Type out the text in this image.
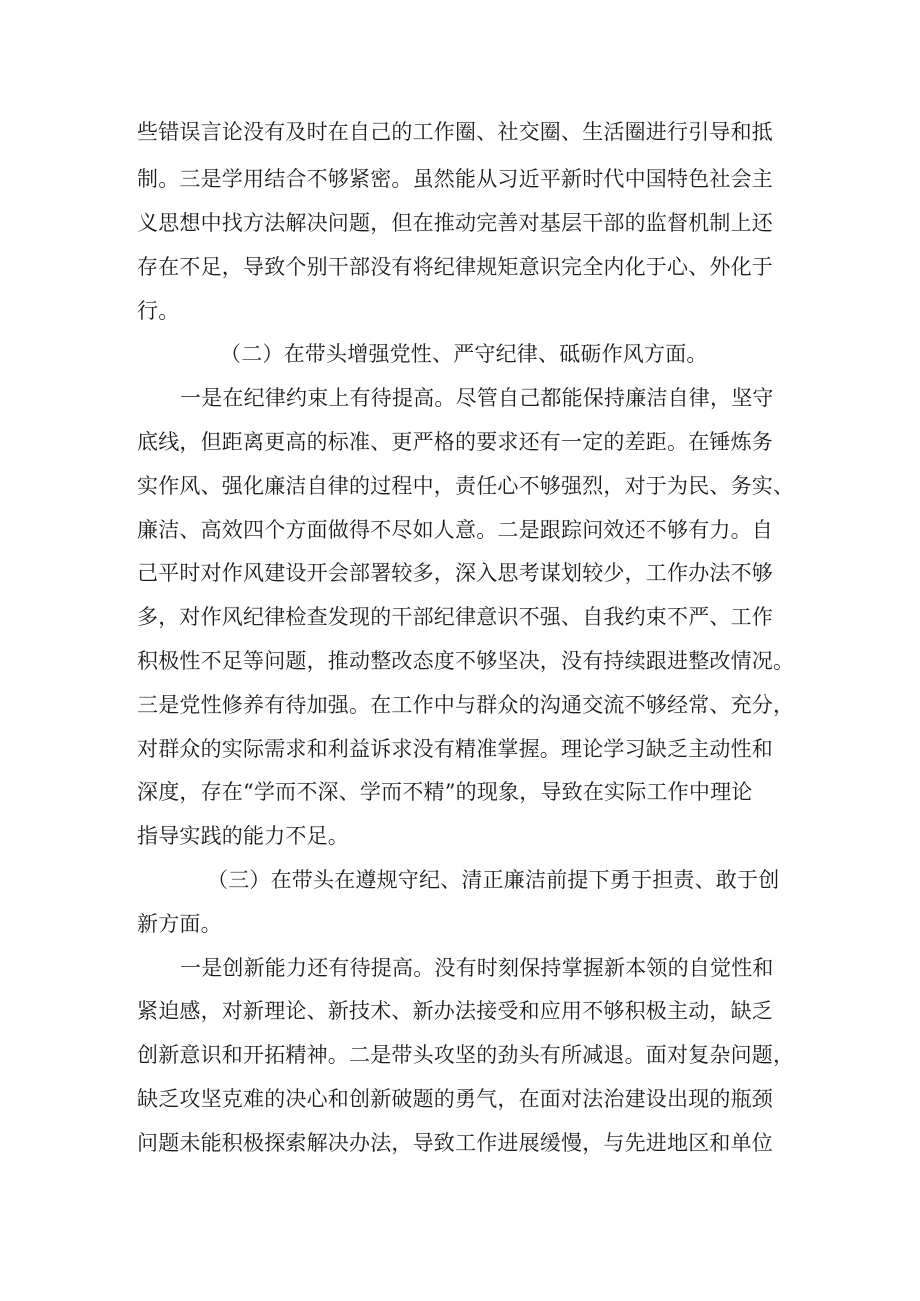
些错误言论没有及时在自己的工作圈、社交圈、生活圈进行引导和抵
制。三是学用结合不够紧密。虽然能从习近平新时代中国特色社会主
义思想中找方法解决问题，但在推动完善对基层干部的监督机制上还
存在不足，导致个别干部没有将纪律规矩意识完全内化于心、外化于
行。
（二）在带头增强党性、严守纪律、砥砺作风方面。
一是在纪律约束上有待提高。尽管自己都能保持廉洁自律，坚守
底线，但距离更高的标准、更严格的要求还有一定的差距。在锤炼务
实作风、强化廉洁自律的过程中，责任心不够强烈，对于为民、务实、
廉洁、高效四个方面做得不尽如人意。二是跟踪问效还不够有力。自
己平时对作风建设开会部署较多，深入思考谋划较少，工作办法不够
多，对作风纪律检查发现的干部纪律意识不强、自我约束不严、工作
积极性不足等问题，推动整改态度不够坚决，没有持续跟进整改情况。
三是党性修养有待加强。在工作中与群众的沟通交流不够经常、充分，
对群众的实际需求和利益诉求没有精准掌握。理论学习缺乏主动性和
深度，存在“学而不深、学而不精”的现象，导致在实际工作中理论
指导实践的能力不足。
（三）在带头在遵规守纪、清正廉洁前提下勇于担责、敢于创
新方面。
一是创新能力还有待提高。没有时刻保持掌握新本领的自觉性和
紧迫感，对新理论、新技术、新办法接受和应用不够积极主动，缺乏
创新意识和开拓精神。二是带头攻坚的劲头有所减退。面对复杂问题，
缺乏攻坚克难的决心和创新破题的勇气，在面对法治建设出现的瓶颈
问题未能积极探索解决办法，导致工作进展缓慢，与先进地区和单位
